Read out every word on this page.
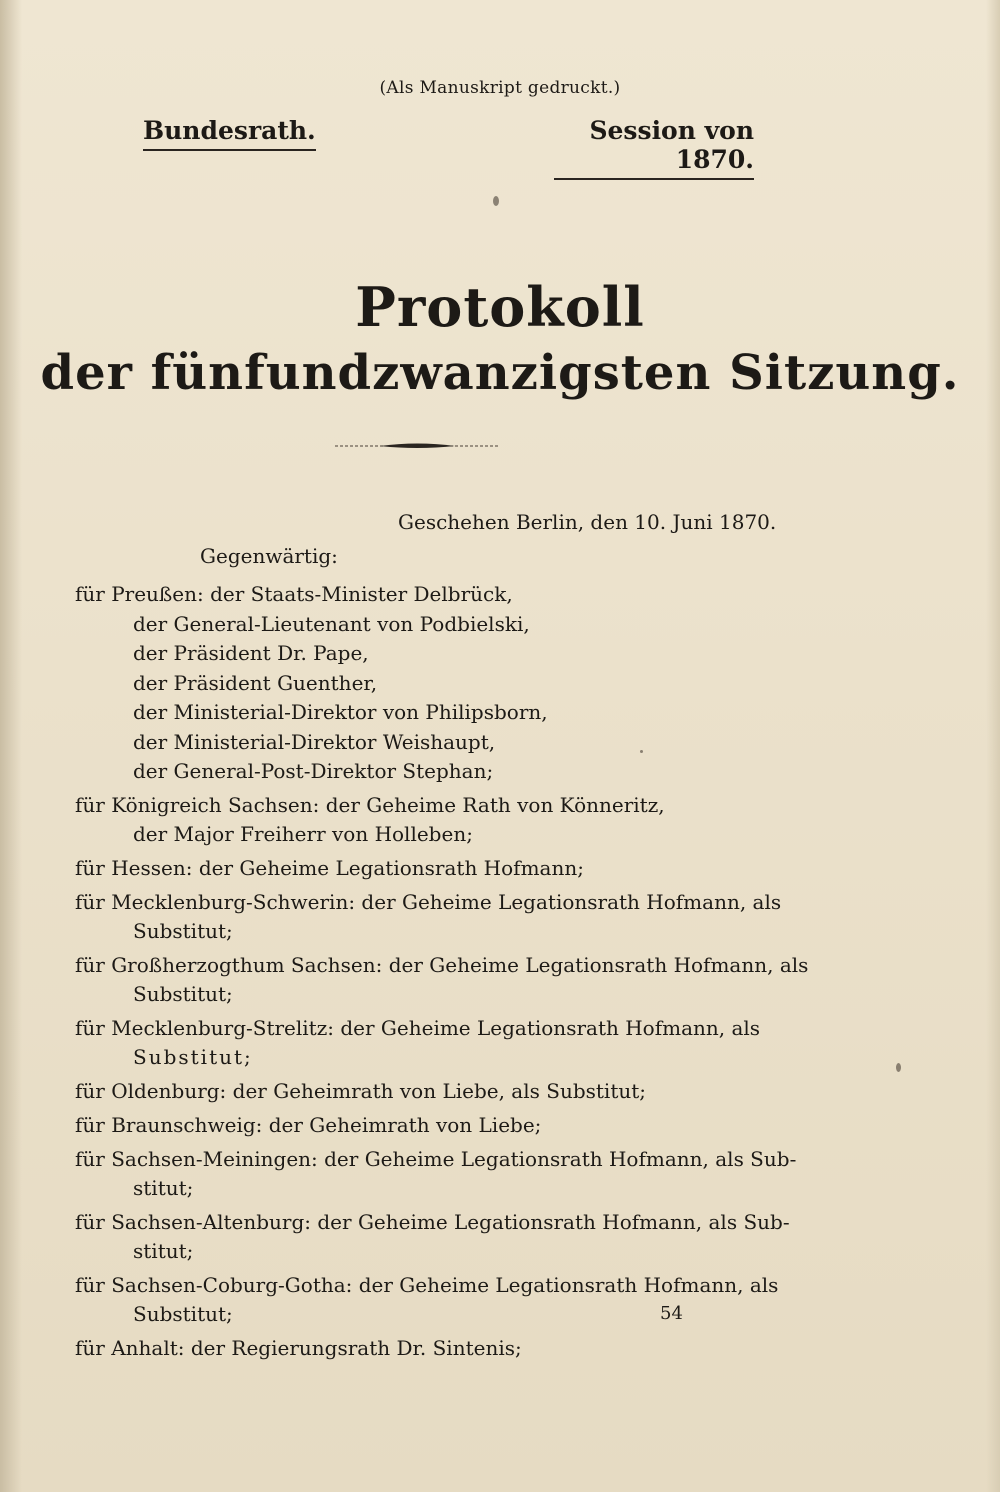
(Als Manuskript gedruckt.)
Bundesrath.	Session von 1870.
Protokoll
der fünfundzwanzigsten Sitzung.
Geschehen Berlin, den 10. Juni 1870.
Gegenwärtig:
für Preußen: der Staats-Minister Delbrück,
der General-Lieutenant von Podbielski,
der Präsident Dr. Pape,
der Präsident Guenther,
der Ministerial-Direktor von Philipsborn,
der Ministerial-Direktor Weishaupt,
der General-Post-Direktor Stephan;
für Königreich Sachsen: der Geheime Rath von Könneritz,
der Major Freiherr von Holleben;
für Hessen: der Geheime Legationsrath Hofmann;
für Mecklenburg-Schwerin: der Geheime Legationsrath Hofmann, als
Substitut;
für Großherzogthum Sachsen: der Geheime Legationsrath Hofmann, als
Substitut;
für Mecklenburg-Strelitz: der Geheime Legationsrath Hofmann, als
Substitut;
für Oldenburg: der Geheimrath von Liebe, als Substitut;
für Braunschweig: der Geheimrath von Liebe;
für Sachsen-Meiningen: der Geheime Legationsrath Hofmann, als Sub-
stitut;
für Sachsen-Altenburg: der Geheime Legationsrath Hofmann, als Sub-
stitut;
für Sachsen-Coburg-Gotha: der Geheime Legationsrath Hofmann, als
Substitut;
für Anhalt: der Regierungsrath Dr. Sintenis;
54
